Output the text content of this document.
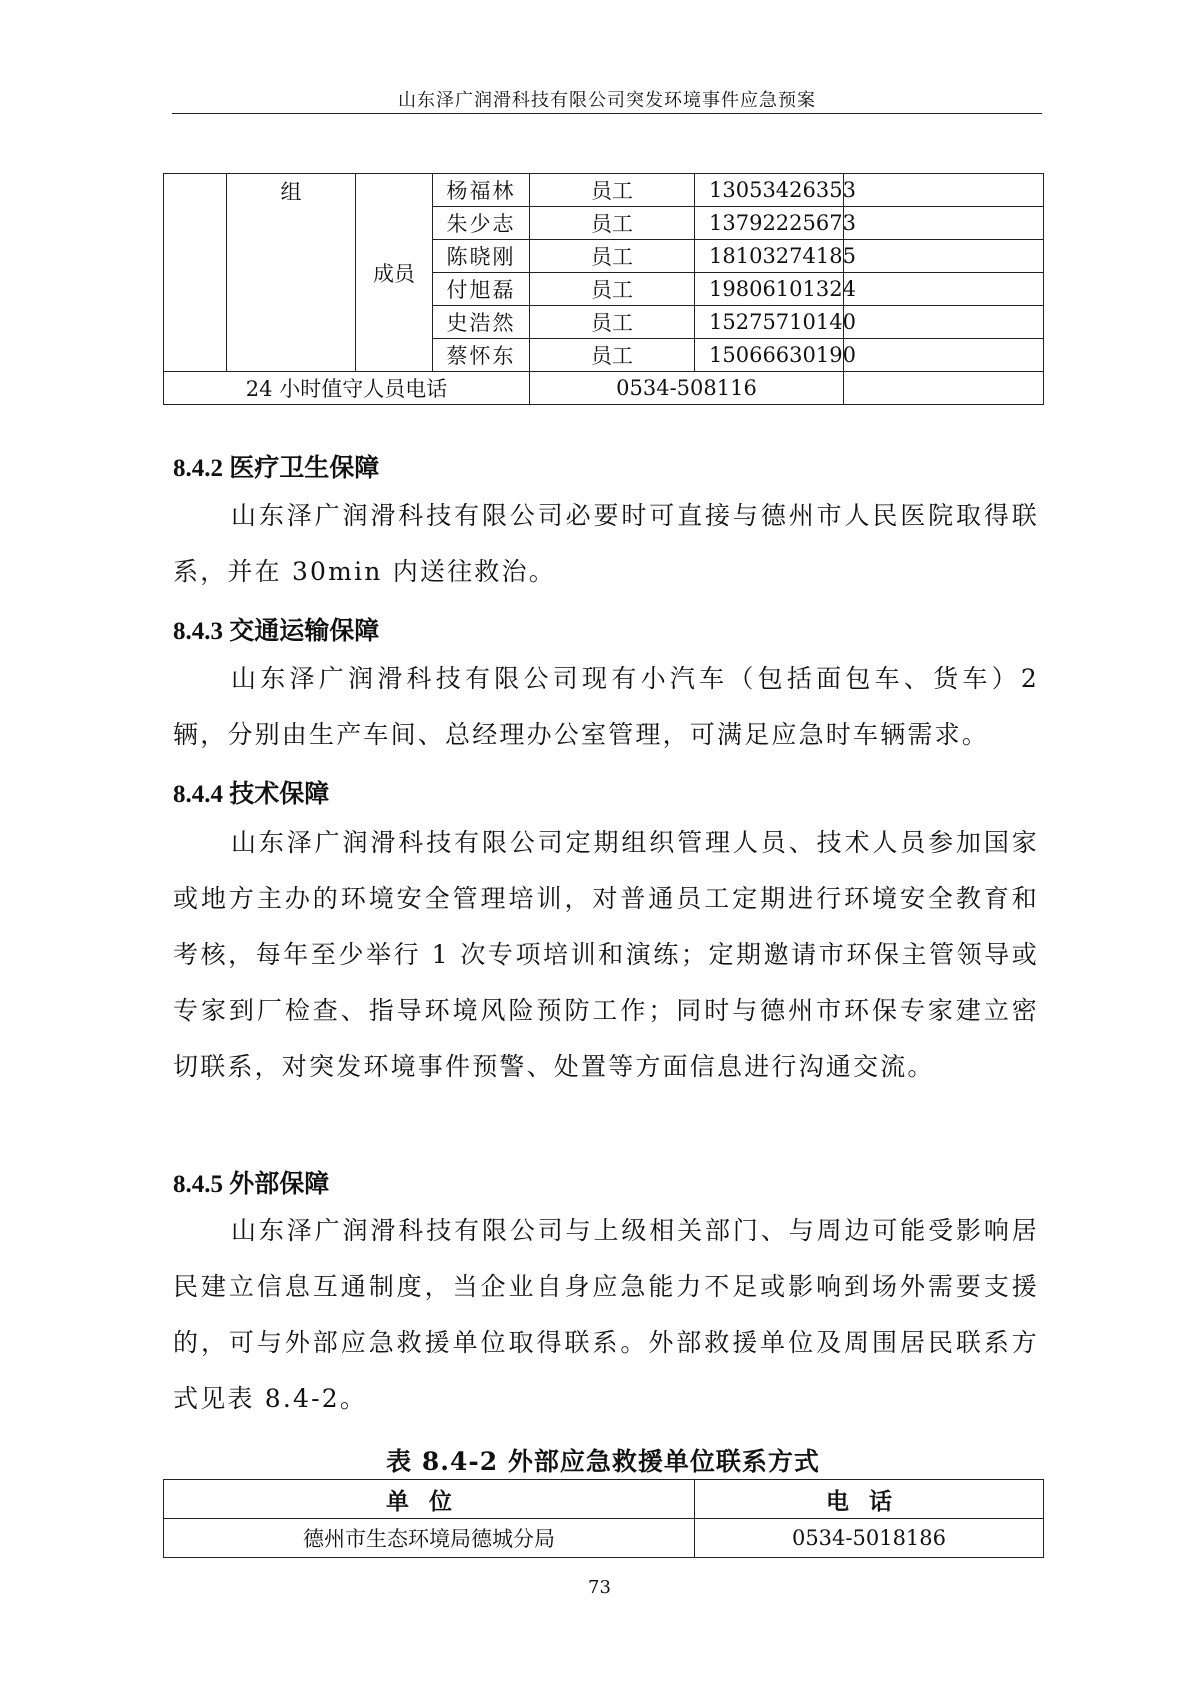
山东泽广润滑科技有限公司突发环境事件应急预案
	组	成员	杨福林	员工	13053426353	
			朱少志	员工	13792225673	
			陈晓刚	员工	18103274185	
			付旭磊	员工	19806101324	
			史浩然	员工	15275710140	
			蔡怀东	员工	15066630190	
24 小时值守人员电话				0534-508116		
8.4.2 医疗卫生保障
山东泽广润滑科技有限公司必要时可直接与德州市人民医院取得联系，并在 30min 内送往救治。
8.4.3 交通运输保障
山东泽广润滑科技有限公司现有小汽车（包括面包车、货车）2 辆，分别由生产车间、总经理办公室管理，可满足应急时车辆需求。
8.4.4 技术保障
山东泽广润滑科技有限公司定期组织管理人员、技术人员参加国家或地方主办的环境安全管理培训，对普通员工定期进行环境安全教育和考核，每年至少举行 1 次专项培训和演练；定期邀请市环保主管领导或专家到厂检查、指导环境风险预防工作；同时与德州市环保专家建立密切联系，对突发环境事件预警、处置等方面信息进行沟通交流。
8.4.5 外部保障
山东泽广润滑科技有限公司与上级相关部门、与周边可能受影响居民建立信息互通制度，当企业自身应急能力不足或影响到场外需要支援的，可与外部应急救援单位取得联系。外部救援单位及周围居民联系方式见表 8.4-2。
表 8.4-2 外部应急救援单位联系方式
单位	电话
德州市生态环境局德城分局	0534-5018186
73
